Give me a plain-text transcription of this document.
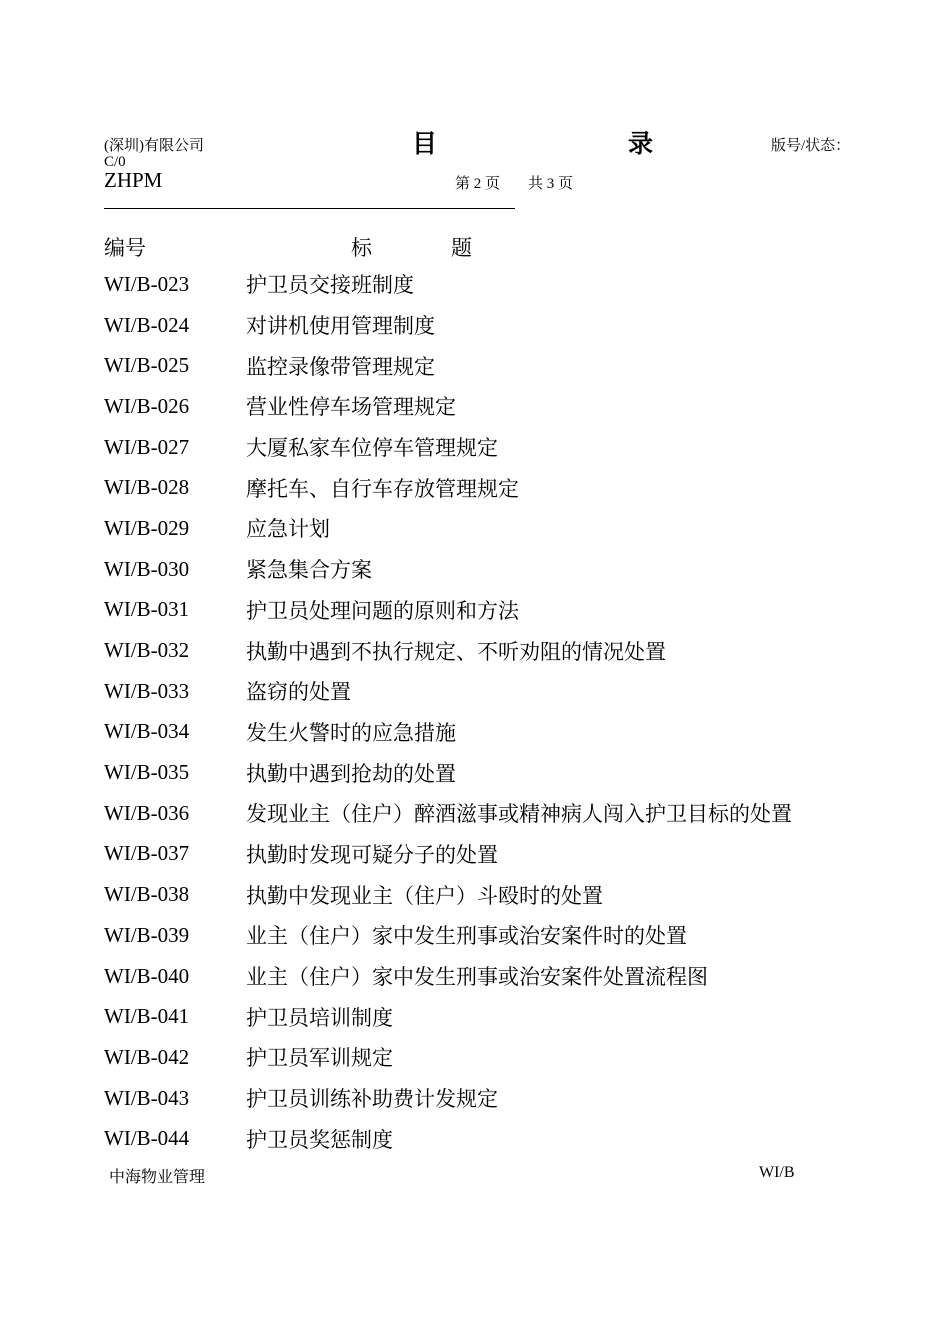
(深圳)有限公司
C/0
ZHPM
目	录	版号/状态：
第 2 页 共 3 页
编号	标	题
WI/B-023	护卫员交接班制度
WI/B-024	对讲机使用管理制度
WI/B-025	监控录像带管理规定
WI/B-026	营业性停车场管理规定
WI/B-027	大厦私家车位停车管理规定
WI/B-028	摩托车、自行车存放管理规定
WI/B-029	应急计划
WI/B-030	紧急集合方案
WI/B-031	护卫员处理问题的原则和方法
WI/B-032	执勤中遇到不执行规定、不听劝阻的情况处置
WI/B-033	盗窃的处置
WI/B-034	发生火警时的应急措施
WI/B-035	执勤中遇到抢劫的处置
WI/B-036	发现业主（住户）醉酒滋事或精神病人闯入护卫目标的处置
WI/B-037	执勤时发现可疑分子的处置
WI/B-038	执勤中发现业主（住户）斗殴时的处置
WI/B-039	业主（住户）家中发生刑事或治安案件时的处置
WI/B-040	业主（住户）家中发生刑事或治安案件处置流程图
WI/B-041	护卫员培训制度
WI/B-042	护卫员军训规定
WI/B-043	护卫员训练补助费计发规定
WI/B-044	护卫员奖惩制度
中海物业管理	WI/B
